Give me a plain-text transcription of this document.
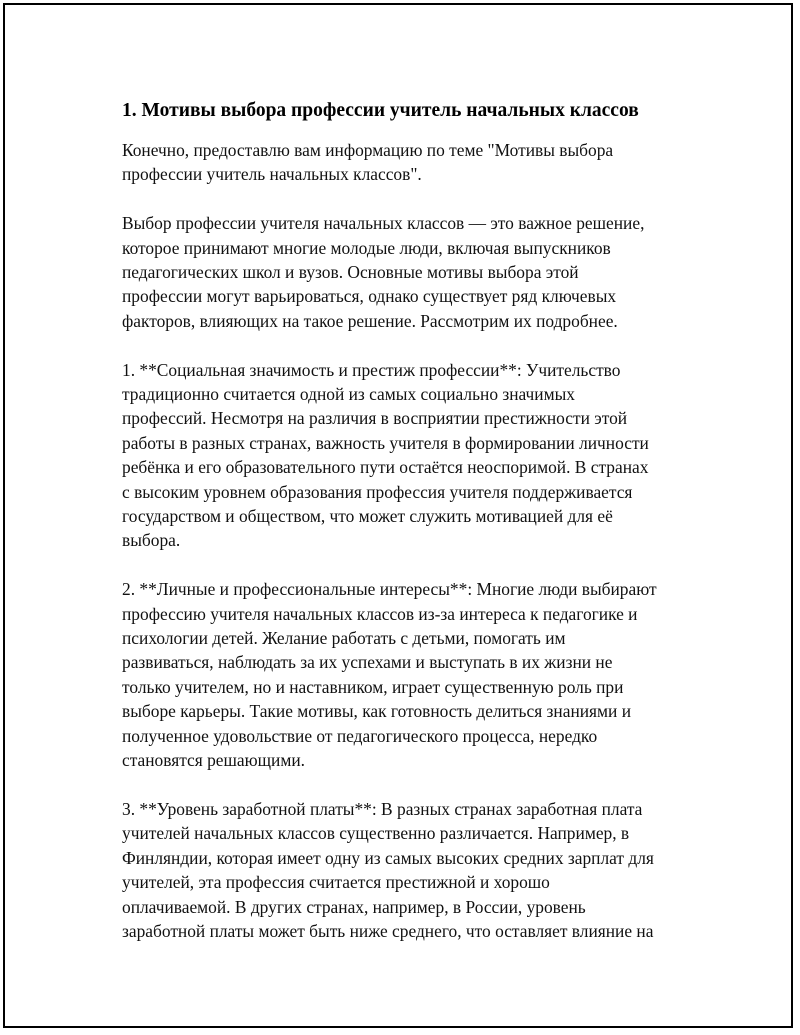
1. Мотивы выбора профессии учитель начальных классов

Конечно, предоставлю вам информацию по теме "Мотивы выбора
профессии учитель начальных классов".

Выбор профессии учителя начальных классов — это важное решение,
которое принимают многие молодые люди, включая выпускников
педагогических школ и вузов. Основные мотивы выбора этой
профессии могут варьироваться, однако существует ряд ключевых
факторов, влияющих на такое решение. Рассмотрим их подробнее.

1. **Социальная значимость и престиж профессии**: Учительство
традиционно считается одной из самых социально значимых
профессий. Несмотря на различия в восприятии престижности этой
работы в разных странах, важность учителя в формировании личности
ребёнка и его образовательного пути остаётся неоспоримой. В странах
с высоким уровнем образования профессия учителя поддерживается
государством и обществом, что может служить мотивацией для её
выбора.

2. **Личные и профессиональные интересы**: Многие люди выбирают
профессию учителя начальных классов из-за интереса к педагогике и
психологии детей. Желание работать с детьми, помогать им
развиваться, наблюдать за их успехами и выступать в их жизни не
только учителем, но и наставником, играет существенную роль при
выборе карьеры. Такие мотивы, как готовность делиться знаниями и
полученное удовольствие от педагогического процесса, нередко
становятся решающими.

3. **Уровень заработной платы**: В разных странах заработная плата
учителей начальных классов существенно различается. Например, в
Финляндии, которая имеет одну из самых высоких средних зарплат для
учителей, эта профессия считается престижной и хорошо
оплачиваемой. В других странах, например, в России, уровень
заработной платы может быть ниже среднего, что оставляет влияние на
